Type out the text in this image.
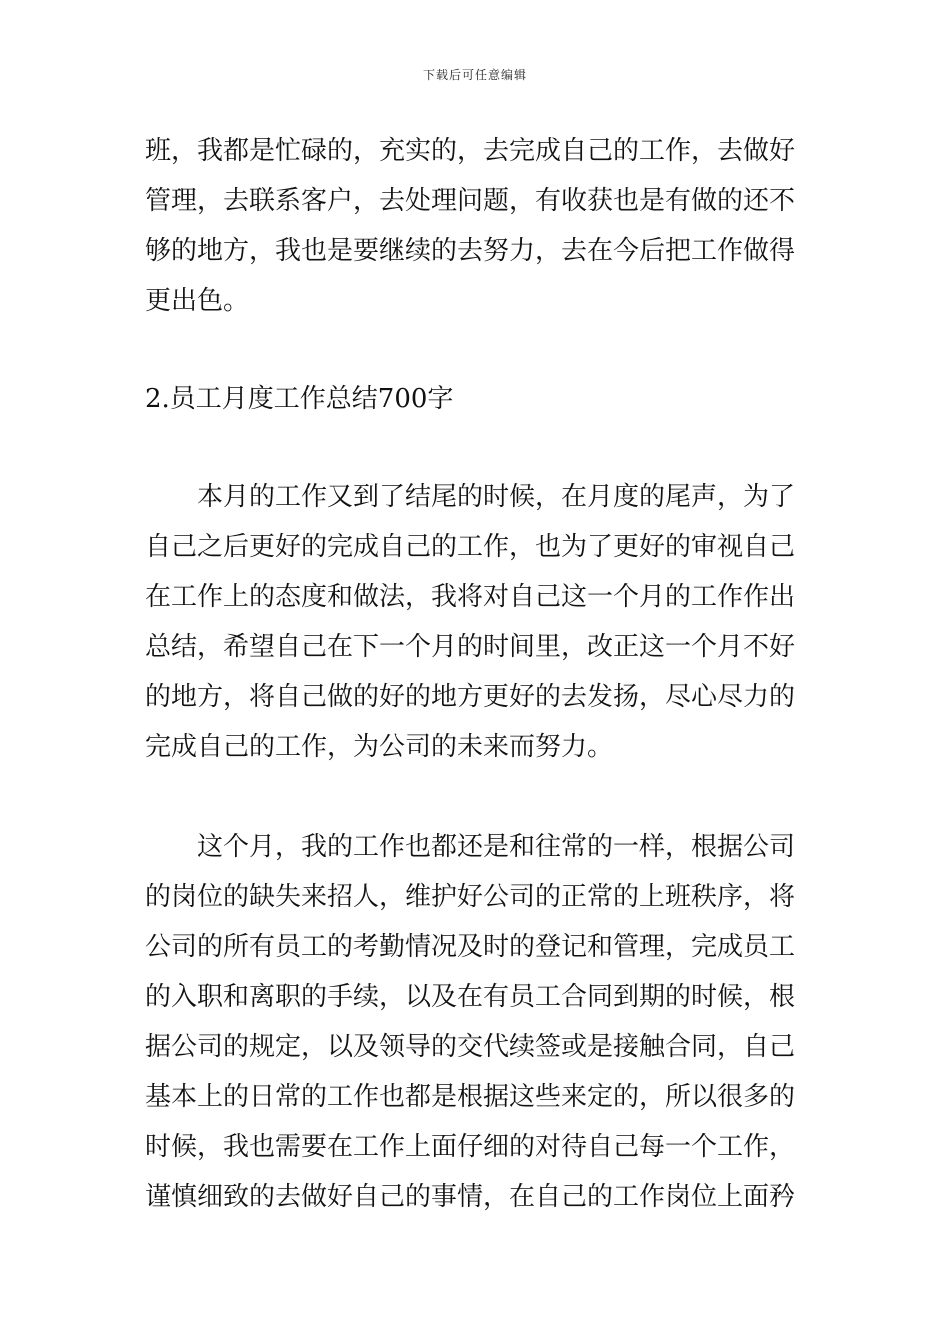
下载后可任意编辑
班，我都是忙碌的，充实的，去完成自己的工作，去做好
管理，去联系客户，去处理问题，有收获也是有做的还不
够的地方，我也是要继续的去努力，去在今后把工作做得
更出色。
2.员工月度工作总结700字
　　本月的工作又到了结尾的时候，在月度的尾声，为了
自己之后更好的完成自己的工作，也为了更好的审视自己
在工作上的态度和做法，我将对自己这一个月的工作作出
总结，希望自己在下一个月的时间里，改正这一个月不好
的地方，将自己做的好的地方更好的去发扬，尽心尽力的
完成自己的工作，为公司的未来而努力。
　　这个月，我的工作也都还是和往常的一样，根据公司
的岗位的缺失来招人，维护好公司的正常的上班秩序，将
公司的所有员工的考勤情况及时的登记和管理，完成员工
的入职和离职的手续，以及在有员工合同到期的时候，根
据公司的规定，以及领导的交代续签或是接触合同，自己
基本上的日常的工作也都是根据这些来定的，所以很多的
时候，我也需要在工作上面仔细的对待自己每一个工作，
谨慎细致的去做好自己的事情，在自己的工作岗位上面矜
